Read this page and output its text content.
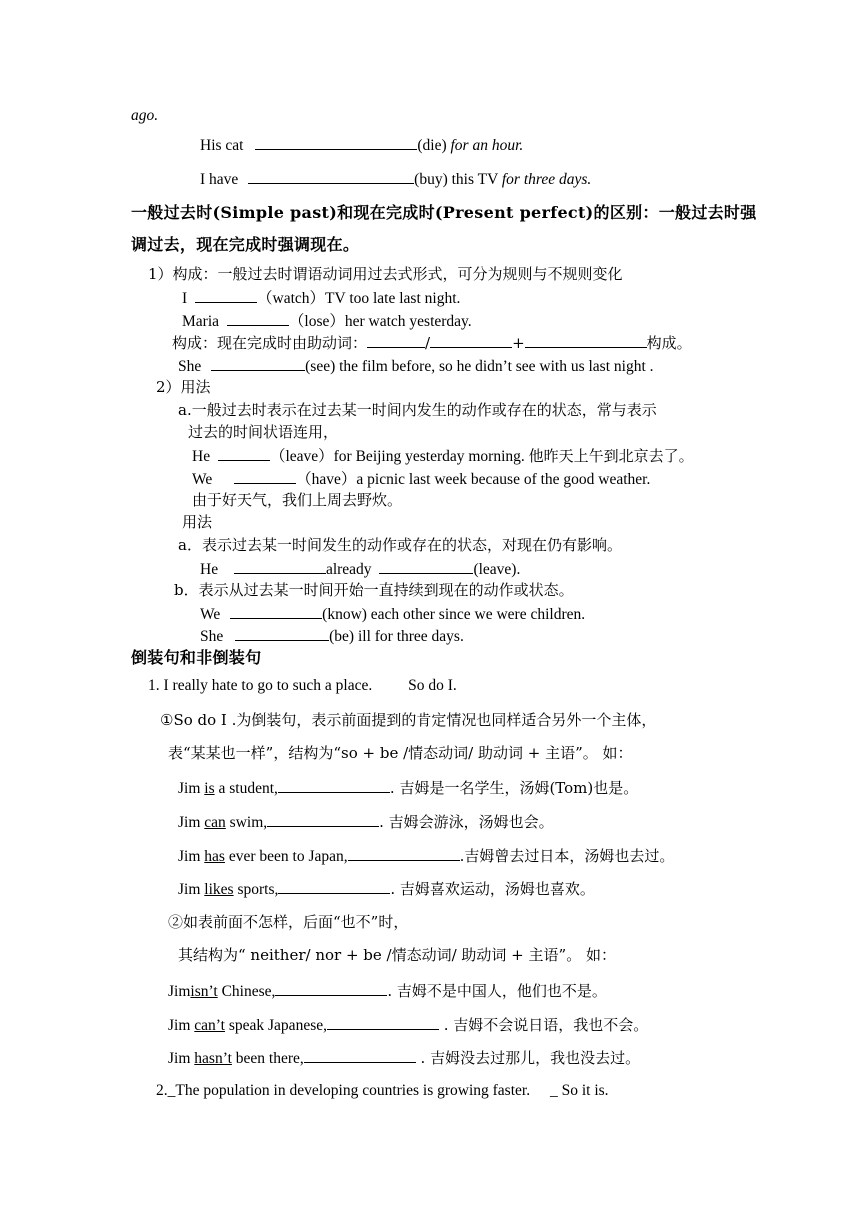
ago.
His cat	(die) for an hour.
I have	(buy) this TV for three days.
一般过去时(Simple past)和现在完成时(Present perfect)的区别：一般过去时强
调过去，现在完成时强调现在。
1）构成：一般过去时谓语动词用过去式形式，可分为规则与不规则变化
I	（watch）TV too late last night.
Maria	（lose）her watch yesterday.
构成：现在完成时由助动词：	/	+	构成。
She	(see) the film before, so he didn’t see with us last night .
2）用法
a.一般过去时表示在过去某一时间内发生的动作或存在的状态，常与表示
过去的时间状语连用，
He	（leave）for Beijing yesterday morning. 他昨天上午到北京去了。
We	（have）a picnic last week because of the good weather.
由于好天气，我们上周去野炊。
用法
a．表示过去某一时间发生的动作或存在的状态，对现在仍有影响。
He	already	(leave).
b．表示从过去某一时间开始一直持续到现在的动作或状态。
We	(know) each other since we were children.
She	(be) ill for three days.
倒装句和非倒装句
1. I really hate to go to such a place. So do I.
①So do I .为倒装句，表示前面提到的肯定情况也同样适合另外一个主体，
表“某某也一样”，结构为“so + be /情态动词/ 助动词 + 主语”。 如：
Jim is a student,	. 吉姆是一名学生，汤姆(Tom)也是。
Jim can swim,	. 吉姆会游泳，汤姆也会。
Jim has ever been to Japan,	.吉姆曾去过日本，汤姆也去过。
Jim likes sports,	. 吉姆喜欢运动，汤姆也喜欢。
②如表前面不怎样，后面“也不”时，
其结构为“ neither/ nor + be /情态动词/ 助动词 + 主语”。 如：
Jimisn’t Chinese,	. 吉姆不是中国人，他们也不是。
Jim can’t speak Japanese,	. 吉姆不会说日语，我也不会。
Jim hasn’t been there,	. 吉姆没去过那儿，我也没去过。
2._The population in developing countries is growing faster. _ So it is.
